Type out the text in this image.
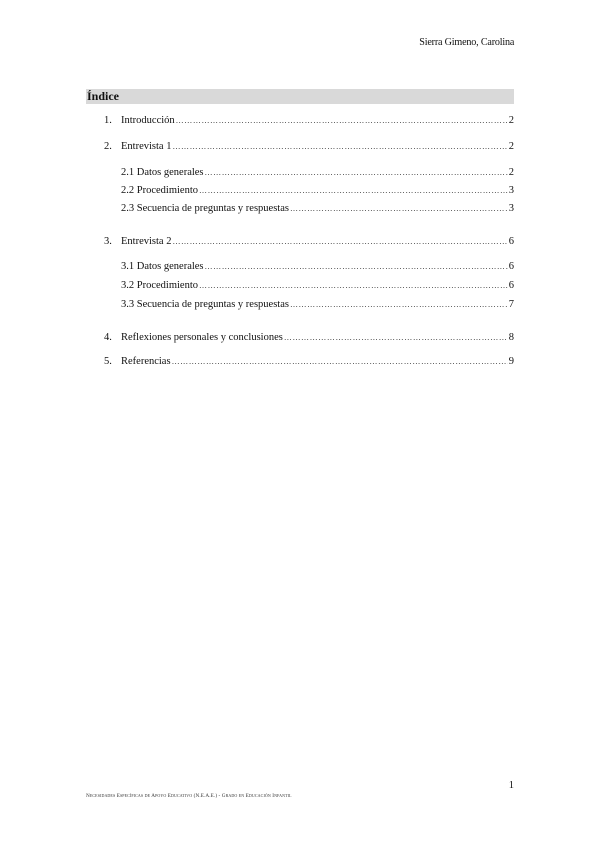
Sierra Gimeno, Carolina
Índice
1. Introducción ………………………………………………………………………………………………………………………………………………………………	2
2. Entrevista 1 ………………………………………………………………………………………………………………………………………………………………	2
2.1 Datos generales ………………………………………………………………………………………………………………………………………………………………	2
2.2 Procedimiento ………………………………………………………………………………………………………………………………………………………………	3
2.3 Secuencia de preguntas y respuestas ………………………………………………………………………………………………………………………………………………………………	3
3. Entrevista 2 ………………………………………………………………………………………………………………………………………………………………	6
3.1 Datos generales ………………………………………………………………………………………………………………………………………………………………	6
3.2 Procedimiento ………………………………………………………………………………………………………………………………………………………………	6
3.3 Secuencia de preguntas y respuestas ………………………………………………………………………………………………………………………………………………………………	7
4. Reflexiones personales y conclusiones ………………………………………………………………………………………………………………………………………………………………	8
5. Referencias ………………………………………………………………………………………………………………………………………………………………	9
1
Necesidades Específicas de Apoyo Educativo (N.E.A.E.) - Grado en Educación Infantil
